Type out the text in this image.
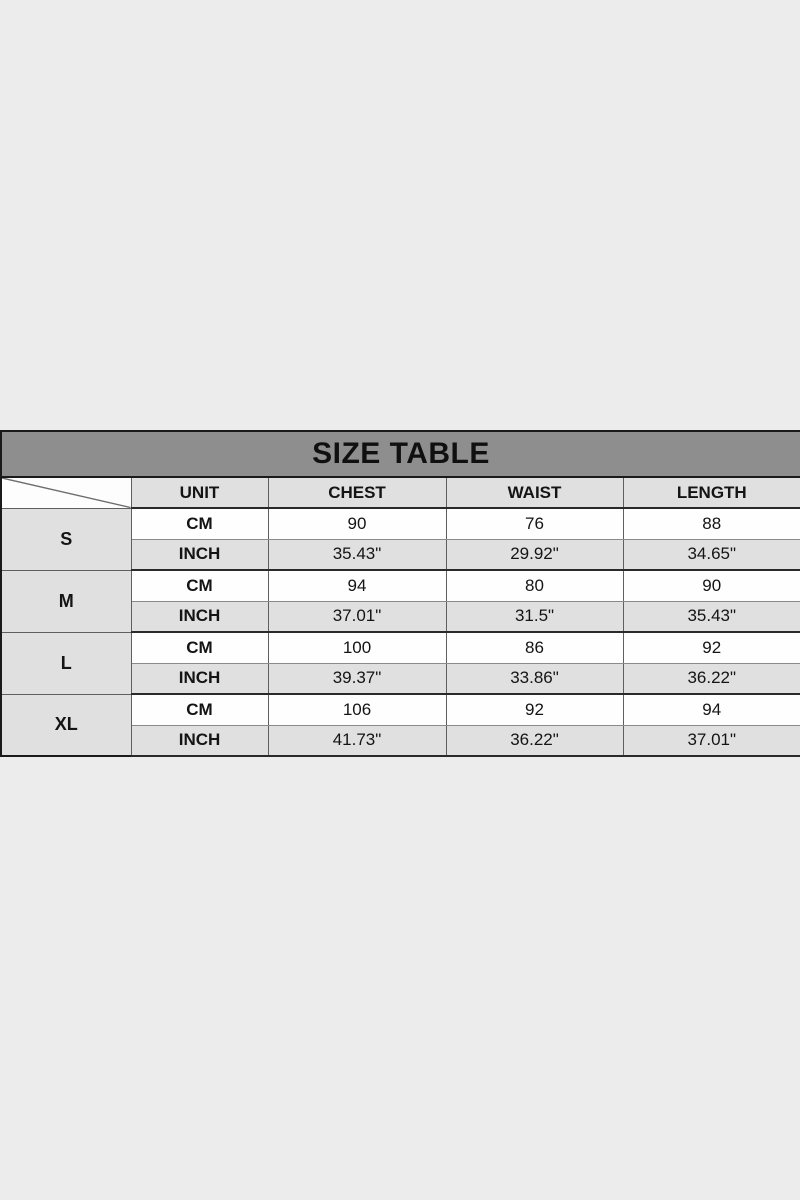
SIZE TABLE				

	UNIT	CHEST	WAIST	LENGTH
S	CM	90	76	88
	INCH	35.43"	29.92"	34.65"
M	CM	94	80	90
	INCH	37.01"	31.5"	35.43"
L	CM	100	86	92
	INCH	39.37"	33.86"	36.22"
XL	CM	106	92	94
	INCH	41.73"	36.22"	37.01"
